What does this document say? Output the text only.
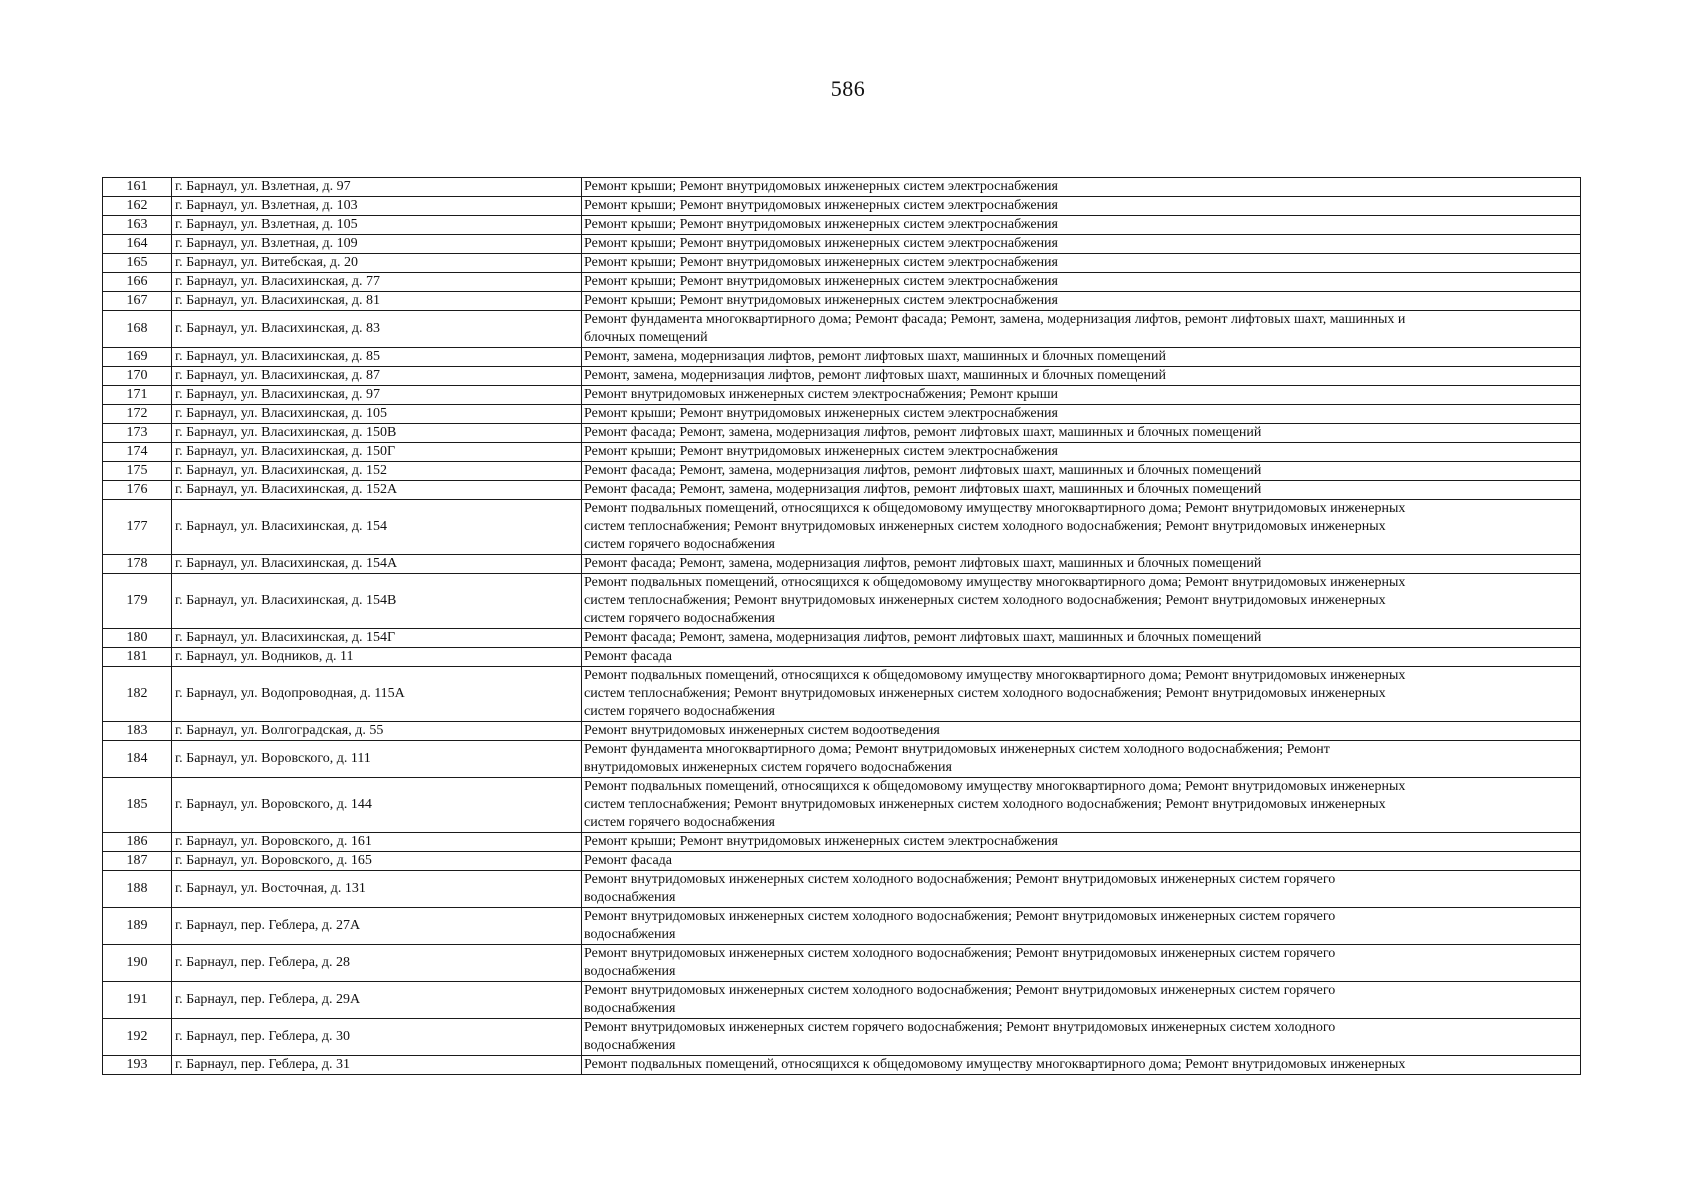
586
161	г. Барнаул, ул. Взлетная, д. 97	Ремонт крыши; Ремонт внутридомовых инженерных систем электроснабжения

162	г. Барнаул, ул. Взлетная, д. 103	Ремонт крыши; Ремонт внутридомовых инженерных систем электроснабжения

163	г. Барнаул, ул. Взлетная, д. 105	Ремонт крыши; Ремонт внутридомовых инженерных систем электроснабжения

164	г. Барнаул, ул. Взлетная, д. 109	Ремонт крыши; Ремонт внутридомовых инженерных систем электроснабжения

165	г. Барнаул, ул. Витебская, д. 20	Ремонт крыши; Ремонт внутридомовых инженерных систем электроснабжения

166	г. Барнаул, ул. Власихинская, д. 77	Ремонт крыши; Ремонт внутридомовых инженерных систем электроснабжения

167	г. Барнаул, ул. Власихинская, д. 81	Ремонт крыши; Ремонт внутридомовых инженерных систем электроснабжения

168	г. Барнаул, ул. Власихинская, д. 83	Ремонт фундамента многоквартирного дома; Ремонт фасада; Ремонт, замена, модернизация лифтов, ремонт лифтовых шахт, машинных и
блочных помещений

169	г. Барнаул, ул. Власихинская, д. 85	Ремонт, замена, модернизация лифтов, ремонт лифтовых шахт, машинных и блочных помещений

170	г. Барнаул, ул. Власихинская, д. 87	Ремонт, замена, модернизация лифтов, ремонт лифтовых шахт, машинных и блочных помещений

171	г. Барнаул, ул. Власихинская, д. 97	Ремонт внутридомовых инженерных систем электроснабжения; Ремонт крыши

172	г. Барнаул, ул. Власихинская, д. 105	Ремонт крыши; Ремонт внутридомовых инженерных систем электроснабжения

173	г. Барнаул, ул. Власихинская, д. 150В	Ремонт фасада; Ремонт, замена, модернизация лифтов, ремонт лифтовых шахт, машинных и блочных помещений

174	г. Барнаул, ул. Власихинская, д. 150Г	Ремонт крыши; Ремонт внутридомовых инженерных систем электроснабжения

175	г. Барнаул, ул. Власихинская, д. 152	Ремонт фасада; Ремонт, замена, модернизация лифтов, ремонт лифтовых шахт, машинных и блочных помещений

176	г. Барнаул, ул. Власихинская, д. 152А	Ремонт фасада; Ремонт, замена, модернизация лифтов, ремонт лифтовых шахт, машинных и блочных помещений

177	г. Барнаул, ул. Власихинская, д. 154	Ремонт подвальных помещений, относящихся к общедомовому имуществу многоквартирного дома; Ремонт внутридомовых инженерных
систем теплоснабжения; Ремонт внутридомовых инженерных систем холодного водоснабжения; Ремонт внутридомовых инженерных
систем горячего водоснабжения

178	г. Барнаул, ул. Власихинская, д. 154А	Ремонт фасада; Ремонт, замена, модернизация лифтов, ремонт лифтовых шахт, машинных и блочных помещений

179	г. Барнаул, ул. Власихинская, д. 154В	Ремонт подвальных помещений, относящихся к общедомовому имуществу многоквартирного дома; Ремонт внутридомовых инженерных
систем теплоснабжения; Ремонт внутридомовых инженерных систем холодного водоснабжения; Ремонт внутридомовых инженерных
систем горячего водоснабжения

180	г. Барнаул, ул. Власихинская, д. 154Г	Ремонт фасада; Ремонт, замена, модернизация лифтов, ремонт лифтовых шахт, машинных и блочных помещений

181	г. Барнаул, ул. Водников, д. 11	Ремонт фасада

182	г. Барнаул, ул. Водопроводная, д. 115А	Ремонт подвальных помещений, относящихся к общедомовому имуществу многоквартирного дома; Ремонт внутридомовых инженерных
систем теплоснабжения; Ремонт внутридомовых инженерных систем холодного водоснабжения; Ремонт внутридомовых инженерных
систем горячего водоснабжения

183	г. Барнаул, ул. Волгоградская, д. 55	Ремонт внутридомовых инженерных систем водоотведения

184	г. Барнаул, ул. Воровского, д. 111	Ремонт фундамента многоквартирного дома; Ремонт внутридомовых инженерных систем холодного водоснабжения; Ремонт
внутридомовых инженерных систем горячего водоснабжения

185	г. Барнаул, ул. Воровского, д. 144	Ремонт подвальных помещений, относящихся к общедомовому имуществу многоквартирного дома; Ремонт внутридомовых инженерных
систем теплоснабжения; Ремонт внутридомовых инженерных систем холодного водоснабжения; Ремонт внутридомовых инженерных
систем горячего водоснабжения

186	г. Барнаул, ул. Воровского, д. 161	Ремонт крыши; Ремонт внутридомовых инженерных систем электроснабжения

187	г. Барнаул, ул. Воровского, д. 165	Ремонт фасада

188	г. Барнаул, ул. Восточная, д. 131	Ремонт внутридомовых инженерных систем холодного водоснабжения; Ремонт внутридомовых инженерных систем горячего
водоснабжения

189	г. Барнаул, пер. Геблера, д. 27А	Ремонт внутридомовых инженерных систем холодного водоснабжения; Ремонт внутридомовых инженерных систем горячего
водоснабжения

190	г. Барнаул, пер. Геблера, д. 28	Ремонт внутридомовых инженерных систем холодного водоснабжения; Ремонт внутридомовых инженерных систем горячего
водоснабжения

191	г. Барнаул, пер. Геблера, д. 29А	Ремонт внутридомовых инженерных систем холодного водоснабжения; Ремонт внутридомовых инженерных систем горячего
водоснабжения

192	г. Барнаул, пер. Геблера, д. 30	Ремонт внутридомовых инженерных систем горячего водоснабжения; Ремонт внутридомовых инженерных систем холодного
водоснабжения

193	г. Барнаул, пер. Геблера, д. 31	Ремонт подвальных помещений, относящихся к общедомовому имуществу многоквартирного дома; Ремонт внутридомовых инженерных
